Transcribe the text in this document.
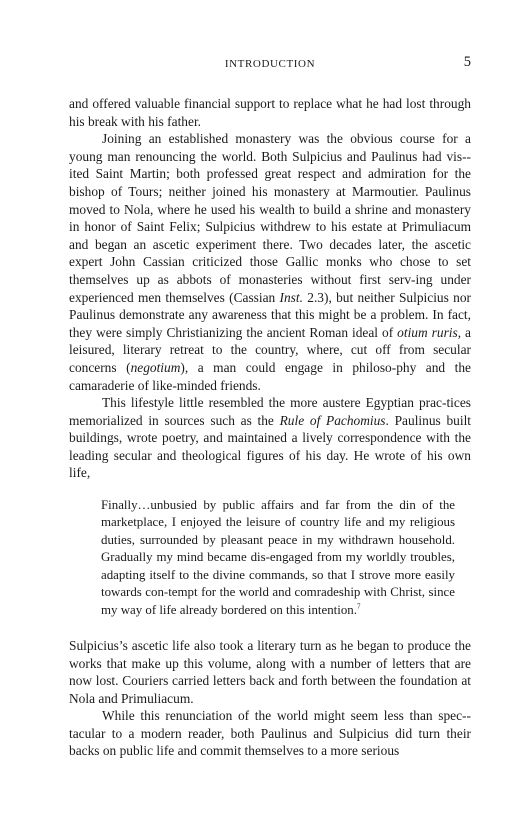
INTRODUCTION	5

and offered valuable financial support to replace what he had lost through his break with his father.

Joining an established monastery was the obvious course for a young man renouncing the world. Both Sulpicius and Paulinus had vis-ited Saint Martin; both professed great respect and admiration for the bishop of Tours; neither joined his monastery at Marmoutier. Paulinus moved to Nola, where he used his wealth to build a shrine and monastery in honor of Saint Felix; Sulpicius withdrew to his estate at Primuliacum and began an ascetic experiment there. Two decades later, the ascetic expert John Cassian criticized those Gallic monks who chose to set themselves up as abbots of monasteries without first serv-ing under experienced men themselves (Cassian Inst. 2.3), but neither Sulpicius nor Paulinus demonstrate any awareness that this might be a problem. In fact, they were simply Christianizing the ancient Roman ideal of otium ruris, a leisured, literary retreat to the country, where, cut off from secular concerns (negotium), a man could engage in philoso-phy and the camaraderie of like-minded friends.

This lifestyle little resembled the more austere Egyptian prac-tices memorialized in sources such as the Rule of Pachomius. Paulinus built buildings, wrote poetry, and maintained a lively correspondence with the leading secular and theological figures of his day. He wrote of his own life,

Finally…unbusied by public affairs and far from the din of the marketplace, I enjoyed the leisure of country life and my religious duties, surrounded by pleasant peace in my withdrawn household. Gradually my mind became dis-engaged from my worldly troubles, adapting itself to the divine commands, so that I strove more easily towards con-tempt for the world and comradeship with Christ, since my way of life already bordered on this intention.$^7$

Sulpicius’s ascetic life also took a literary turn as he began to produce the works that make up this volume, along with a number of letters that are now lost. Couriers carried letters back and forth between the foundation at Nola and Primuliacum.

While this renunciation of the world might seem less than spec-tacular to a modern reader, both Paulinus and Sulpicius did turn their backs on public life and commit themselves to a more serious
